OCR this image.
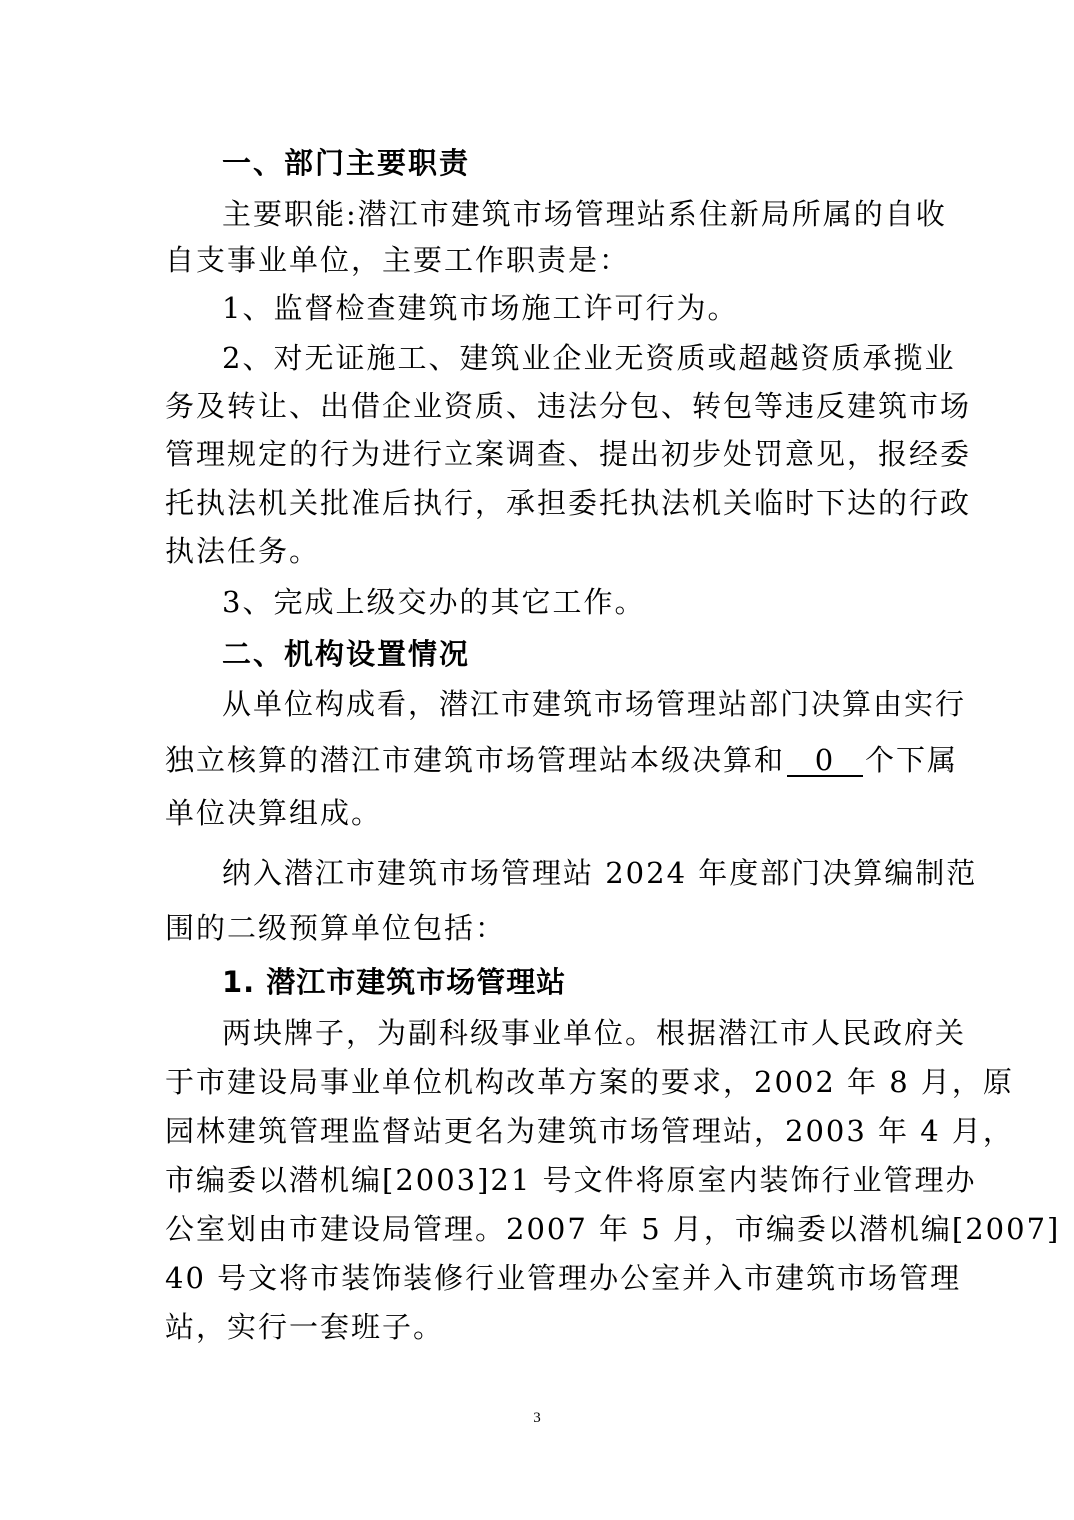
一、部门主要职责
主要职能:潜江市建筑市场管理站系住新局所属的自收
自支事业单位，主要工作职责是：
1、监督检查建筑市场施工许可行为。
2、对无证施工、建筑业企业无资质或超越资质承揽业
务及转让、出借企业资质、违法分包、转包等违反建筑市场
管理规定的行为进行立案调查、提出初步处罚意见，报经委
托执法机关批准后执行，承担委托执法机关临时下达的行政
执法任务。
3、完成上级交办的其它工作。
二、机构设置情况
从单位构成看，潜江市建筑市场管理站部门决算由实行
独立核算的潜江市建筑市场管理站本级决算和 0 个下属
单位决算组成。
纳入潜江市建筑市场管理站 2024 年度部门决算编制范
围的二级预算单位包括：
1. 潜江市建筑市场管理站
两块牌子，为副科级事业单位。根据潜江市人民政府关
于市建设局事业单位机构改革方案的要求，2002 年 8 月，原
园林建筑管理监督站更名为建筑市场管理站，2003 年 4 月，
市编委以潜机编[2003]21 号文件将原室内装饰行业管理办
公室划由市建设局管理。2007 年 5 月，市编委以潜机编[2007]
40 号文将市装饰装修行业管理办公室并入市建筑市场管理
站，实行一套班子。
3
